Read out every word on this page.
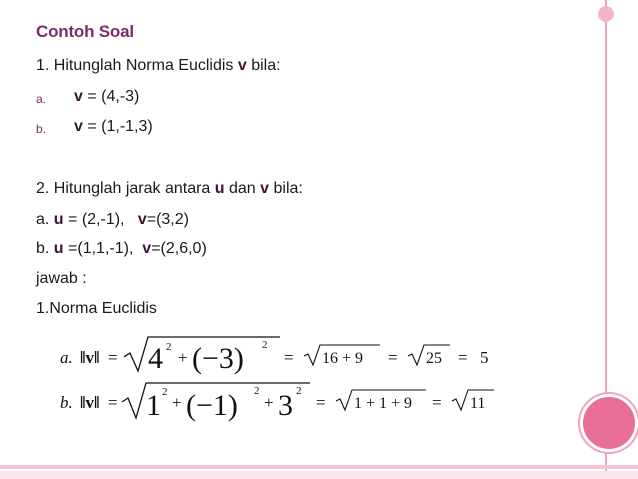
Contoh Soal
1. Hitunglah Norma Euclidis v bila:
a. v = (4,-3)
b. v = (1,-1,3)
2. Hitunglah jarak antara u dan v bila:
a. u = (2,-1),   v=(3,2)
b. u =(1,1,-1),  v=(2,6,0)
jawab :
1.Norma Euclidis
a. ‖v‖ = 4 2
+ (−3) 2
= 16 + 9 = 25 = 5
b. ‖v‖ = 1 2
+ (−1) 2
+ 3 2
= 1 + 1 + 9 = 11
